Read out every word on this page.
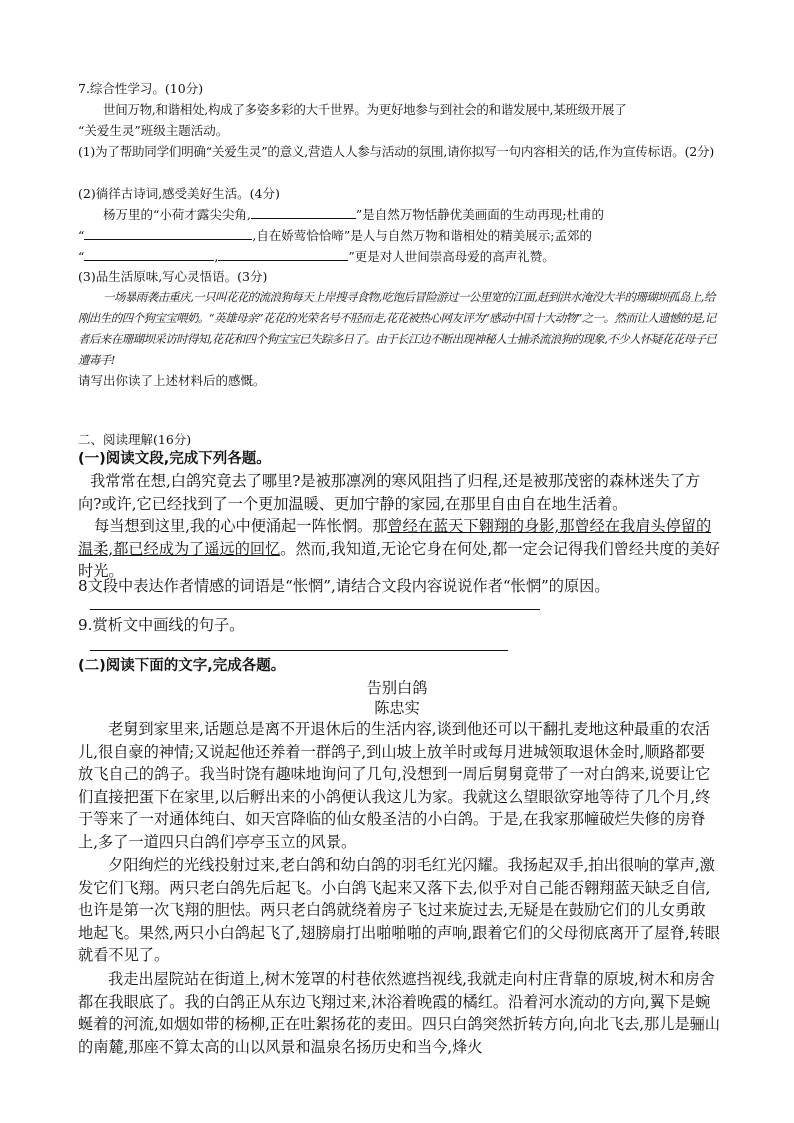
7.综合性学习。(10分)
世间万物,和谐相处,构成了多姿多彩的大千世界。为更好地参与到社会的和谐发展中,某班级开展了
“关爱生灵”班级主题活动。
(1)为了帮助同学们明确“关爱生灵”的意义,营造人人参与活动的氛围,请你拟写一句内容相关的话,作为宣传标语。(2分)
(2)徜徉古诗词,感受美好生活。(4分)
杨万里的“小荷才露尖尖角,	”是自然万物恬静优美画面的生动再现;杜甫的
“	,自在娇莺恰恰啼”是人与自然万物和谐相处的精美展示;孟郊的
“	,	”更是对人世间崇高母爱的高声礼赞。
(3)品生活原味,写心灵悟语。(3分)
一场暴雨袭击重庆,一只叫花花的流浪狗每天上岸搜寻食物,吃饱后冒险游过一公里宽的江面,赶到洪水淹没大半的珊瑚坝孤岛上,给刚出生的四个狗宝宝喂奶。“英雄母亲”花花的光荣名号不胫而走,花花被热心网友评为“感动中国十大动物”之一。然而让人遗憾的是,记者后来在珊瑚坝采访时得知,花花和四个狗宝宝已失踪多日了。由于长江边不断出现神秘人士捕杀流浪狗的现象,不少人怀疑花花母子已遭毒手!
请写出你读了上述材料后的感慨。
二、阅读理解(16分)
(一)阅读文段,完成下列各题。
我常常在想,白鸽究竟去了哪里?是被那凛冽的寒风阻挡了归程,还是被那茂密的森林迷失了方向?或许,它已经找到了一个更加温暖、更加宁静的家园,在那里自由自在地生活着。
每当想到这里,我的心中便涌起一阵怅惘。那曾经在蓝天下翱翔的身影,那曾经在我肩头停留的温柔,都已经成为了遥远的回忆。然而,我知道,无论它身在何处,都一定会记得我们曾经共度的美好时光。
8文段中表达作者情感的词语是“怅惘”,请结合文段内容说说作者“怅惘”的原因。
9.赏析文中画线的句子。
(二)阅读下面的文字,完成各题。
告别白鸽
陈忠实
老舅到家里来,话题总是离不开退休后的生活内容,谈到他还可以干翻扎麦地这种最重的农活儿,很自豪的神情;又说起他还养着一群鸽子,到山坡上放羊时或每月进城领取退休金时,顺路都要放飞自己的鸽子。我当时饶有趣味地询问了几句,没想到一周后舅舅竟带了一对白鸽来,说要让它们直接把蛋下在家里,以后孵出来的小鸽便认我这儿为家。我就这么望眼欲穿地等待了几个月,终于等来了一对通体纯白、如天宫降临的仙女般圣洁的小白鸽。于是,在我家那幢破烂失修的房脊上,多了一道四只白鸽们亭亭玉立的风景。
夕阳绚烂的光线投射过来,老白鸽和幼白鸽的羽毛红光闪耀。我扬起双手,拍出很响的掌声,激发它们飞翔。两只老白鸽先后起飞。小白鸽飞起来又落下去,似乎对自己能否翱翔蓝天缺乏自信,也许是第一次飞翔的胆怯。两只老白鸽就绕着房子飞过来旋过去,无疑是在鼓励它们的儿女勇敢地起飞。果然,两只小白鸽起飞了,翅膀扇打出啪啪啪的声响,跟着它们的父母彻底离开了屋脊,转眼就看不见了。
我走出屋院站在街道上,树木笼罩的村巷依然遮挡视线,我就走向村庄背靠的原坡,树木和房舍都在我眼底了。我的白鸽正从东边飞翔过来,沐浴着晚霞的橘红。沿着河水流动的方向,翼下是蜿蜒着的河流,如烟如带的杨柳,正在吐絮扬花的麦田。四只白鸽突然折转方向,向北飞去,那儿是骊山的南麓,那座不算太高的山以风景和温泉名扬历史和当今,烽火
